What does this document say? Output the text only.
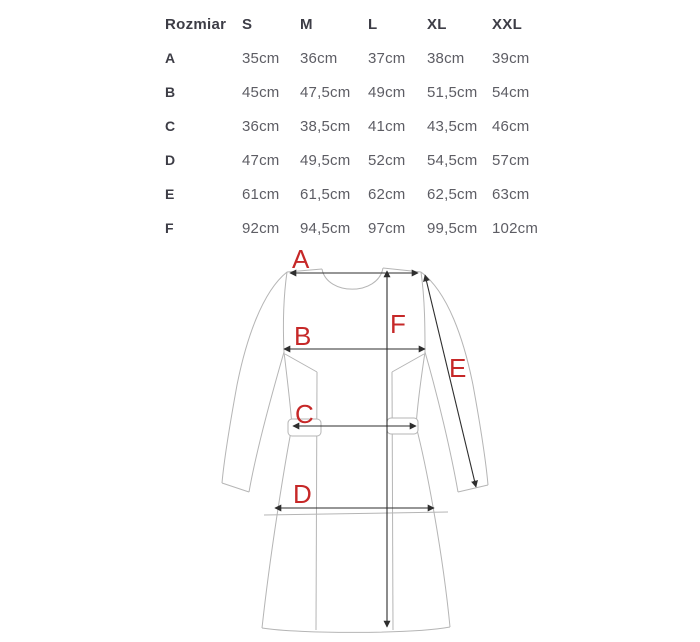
Rozmiar	S	M	L	XL	XXL
A	35cm	36cm	37cm	38cm	39cm
B	45cm	47,5cm	49cm	51,5cm 54cm
C	36cm	38,5cm	41cm	43,5cm 46cm
D	47cm	49,5cm	52cm	54,5cm 57cm
E	61cm	61,5cm	62cm	62,5cm 63cm
F	92cm	94,5cm	97cm	99,5cm 102cm
A
B
C
D
E
F
